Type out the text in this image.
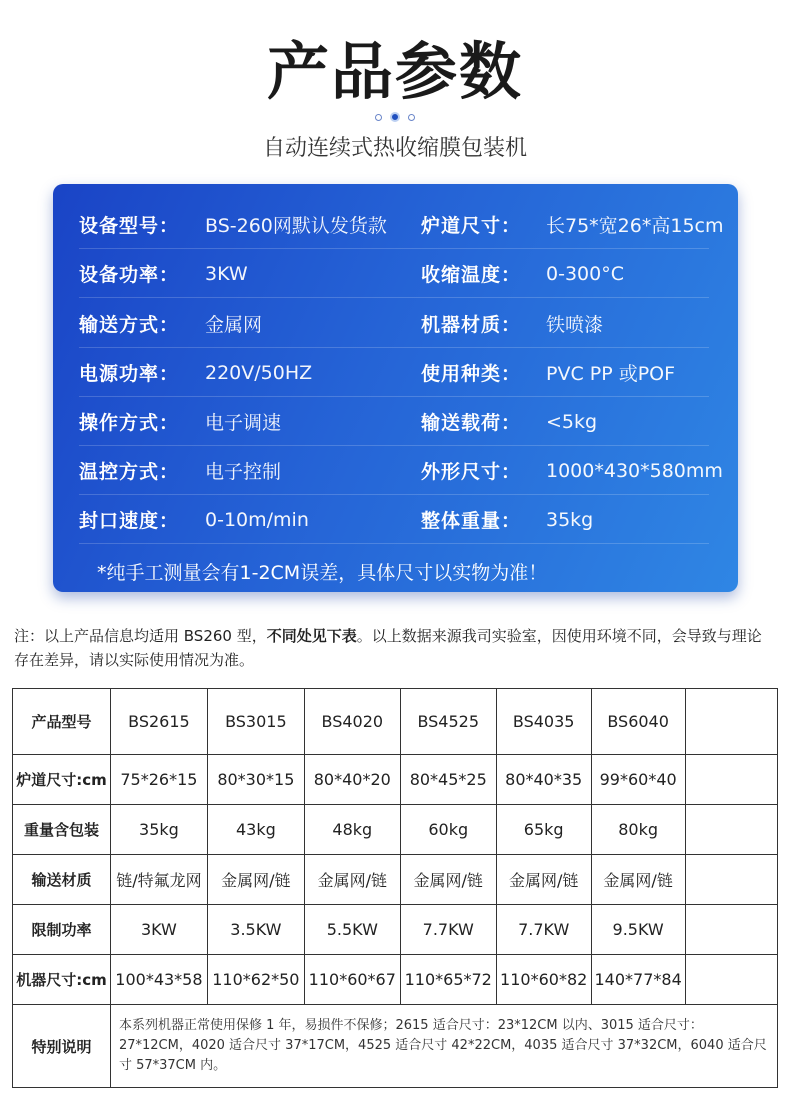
产品参数
自动连续式热收缩膜包装机
设备型号： BS-260网默认发货款 炉道尺寸： 长75*宽26*高15cm
设备功率： 3KW	收缩温度： 0-300°C
输送方式： 金属网	机器材质： 铁喷漆
电源功率： 220V/50HZ	使用种类： PVC PP 或POF
操作方式： 电子调速	输送载荷： <5kg
温控方式： 电子控制	外形尺寸： 1000*430*580mm
封口速度： 0-10m/min	整体重量： 35kg
*纯手工测量会有1-2CM误差，具体尺寸以实物为准！
注：以上产品信息均适用 BS260 型，不同处见下表。以上数据来源我司实验室，因使用环境不同，会导致与理论存在差异，请以实际使用情况为准。
产品型号	BS2615	BS3015	BS4020	BS4525	BS4035	BS6040	
炉道尺寸:cm	75*26*15	80*30*15	80*40*20	80*45*25	80*40*35	99*60*40	
重量含包装	35kg	43kg	48kg	60kg	65kg	80kg	
输送材质	链/特氟龙网	金属网/链	金属网/链	金属网/链	金属网/链	金属网/链	
限制功率	3KW	3.5KW	5.5KW	7.7KW	7.7KW	9.5KW	
机器尺寸:cm	100*43*58	110*62*50	110*60*67	110*65*72	110*60*82	140*77*84	
特别说明	本系列机器正常使用保修 1 年，易损件不保修；2615 适合尺寸：23*12CM 以内、3015 适合尺寸：27*12CM，4020 适合尺寸 37*17CM，4525 适合尺寸 42*22CM，4035 适合尺寸 37*32CM，6040 适合尺寸 57*37CM 内。						
